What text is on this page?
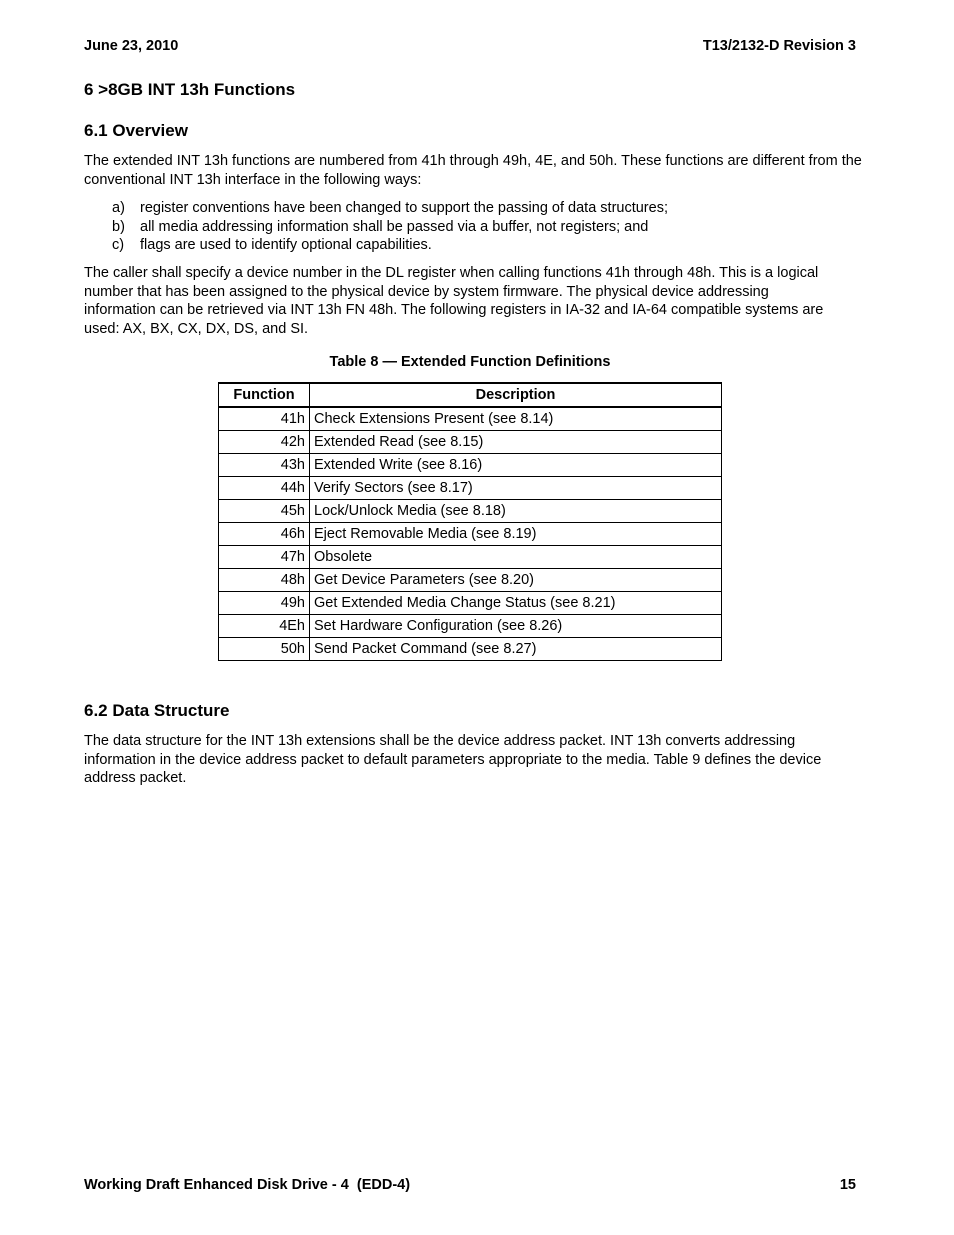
June 23, 2010	T13/2132-D Revision 3
6 >8GB INT 13h Functions
6.1 Overview
The extended INT 13h functions are numbered from 41h through 49h, 4E, and 50h. These functions are different from the conventional INT 13h interface in the following ways:
a) register conventions have been changed to support the passing of data structures;
b) all media addressing information shall be passed via a buffer, not registers; and
c) flags are used to identify optional capabilities.
The caller shall specify a device number in the DL register when calling functions 41h through 48h. This is a logical number that has been assigned to the physical device by system firmware. The physical device addressing information can be retrieved via INT 13h FN 48h. The following registers in IA-32 and IA-64 compatible systems are used: AX, BX, CX, DX, DS, and SI.
Table 8 — Extended Function Definitions
Function	Description
41h	Check Extensions Present (see 8.14)
42h	Extended Read (see 8.15)
43h	Extended Write (see 8.16)
44h	Verify Sectors (see 8.17)
45h	Lock/Unlock Media (see 8.18)
46h	Eject Removable Media (see 8.19)
47h	Obsolete
48h	Get Device Parameters (see 8.20)
49h	Get Extended Media Change Status (see 8.21)
4Eh	Set Hardware Configuration (see 8.26)
50h	Send Packet Command (see 8.27)
6.2 Data Structure
The data structure for the INT 13h extensions shall be the device address packet. INT 13h converts addressing information in the device address packet to default parameters appropriate to the media. Table 9 defines the device address packet.
Working Draft Enhanced Disk Drive - 4  (EDD-4)	15
